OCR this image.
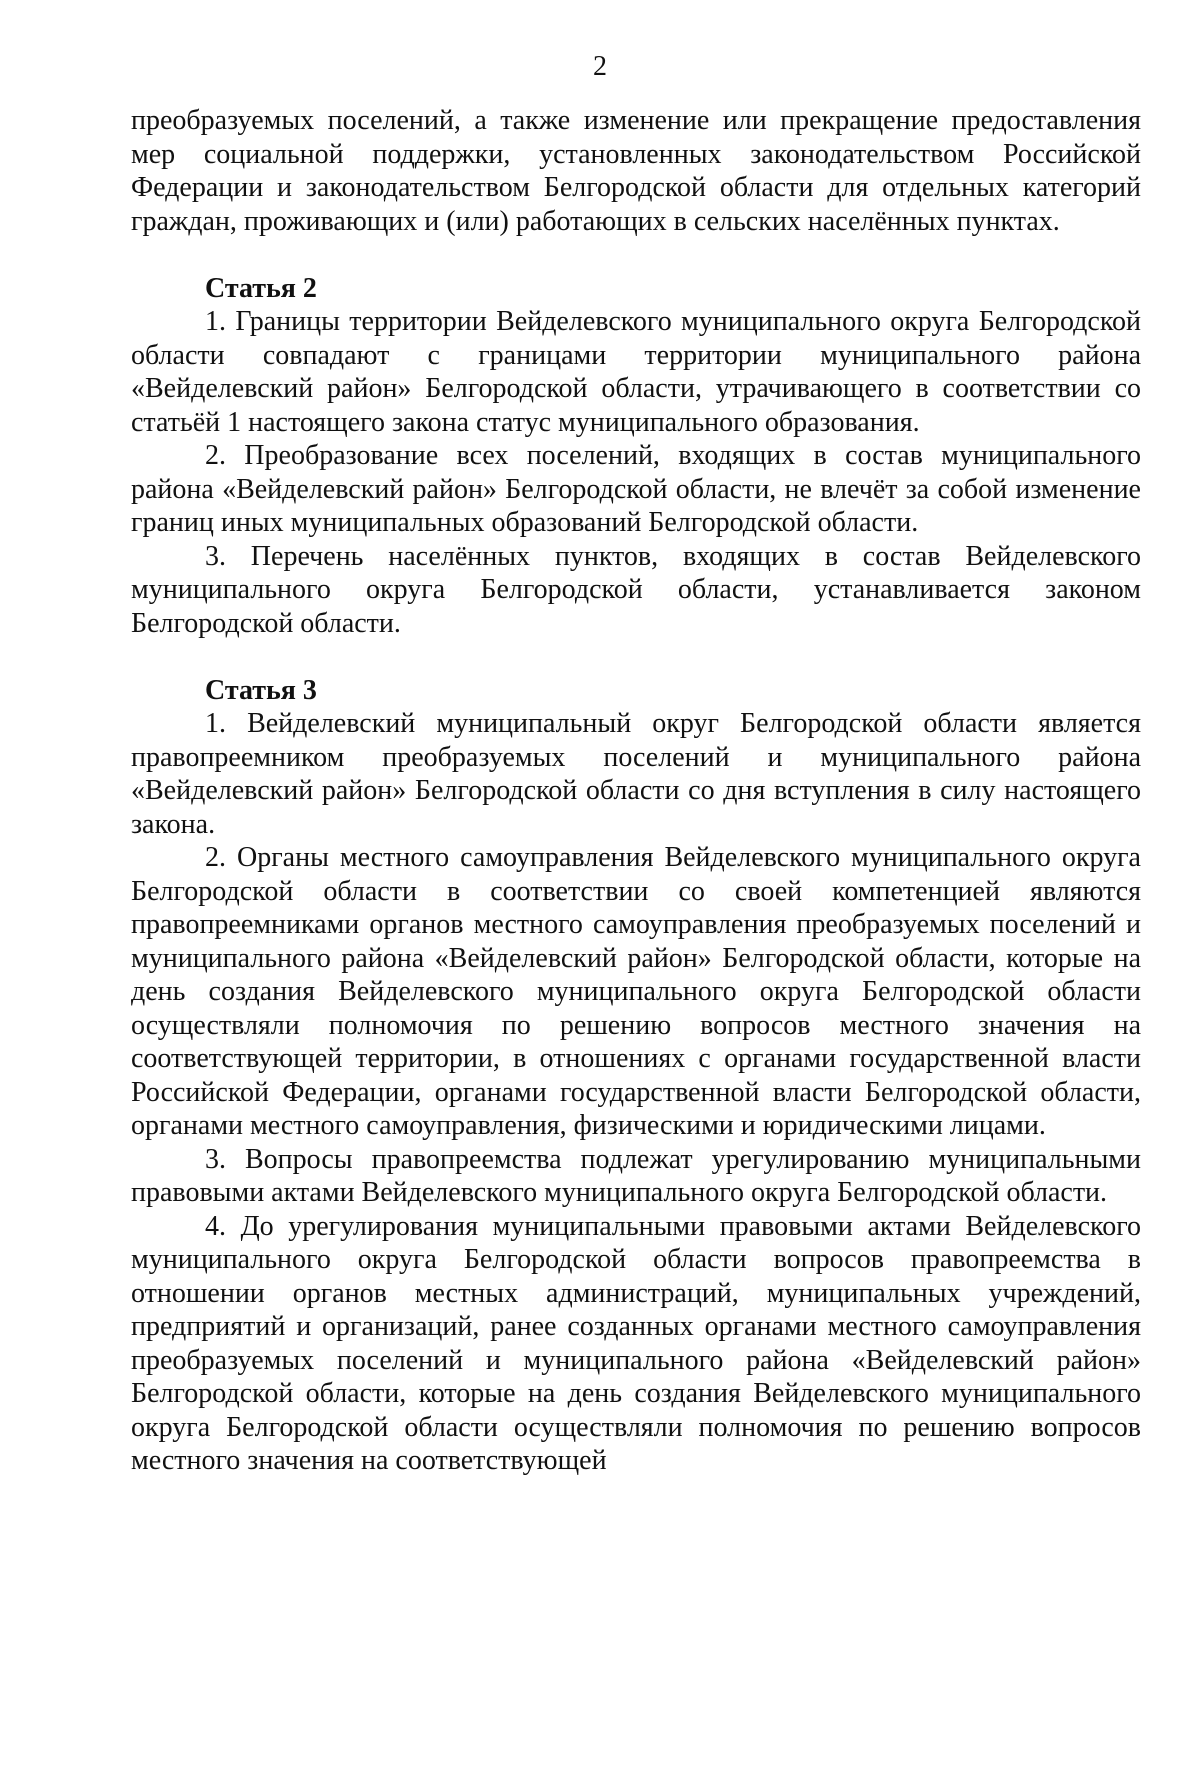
2

преобразуемых поселений, а также изменение или прекращение предоставления мер социальной поддержки, установленных законодательством Российской Федерации и законодательством Белгородской области для отдельных категорий граждан, проживающих и (или) работающих в сельских населённых пунктах.

Статья 2

1. Границы территории Вейделевского муниципального округа Белгородской области совпадают с границами территории муниципального района «Вейделевский район» Белгородской области, утрачивающего в соответствии со статьёй 1 настоящего закона статус муниципального образования.

2. Преобразование всех поселений, входящих в состав муниципального района «Вейделевский район» Белгородской области, не влечёт за собой изменение границ иных муниципальных образований Белгородской области.

3. Перечень населённых пунктов, входящих в состав Вейделевского муниципального округа Белгородской области, устанавливается законом Белгородской области.

Статья 3

1. Вейделевский муниципальный округ Белгородской области является правопреемником преобразуемых поселений и муниципального района «Вейделевский район» Белгородской области со дня вступления в силу настоящего закона.

2. Органы местного самоуправления Вейделевского муниципального округа Белгородской области в соответствии со своей компетенцией являются правопреемниками органов местного самоуправления преобразуемых поселений и муниципального района «Вейделевский район» Белгородской области, которые на день создания Вейделевского муниципального округа Белгородской области осуществляли полномочия по решению вопросов местного значения на соответствующей территории, в отношениях с органами государственной власти Российской Федерации, органами государственной власти Белгородской области, органами местного самоуправления, физическими и юридическими лицами.

3. Вопросы правопреемства подлежат урегулированию муниципальными правовыми актами Вейделевского муниципального округа Белгородской области.

4. До урегулирования муниципальными правовыми актами Вейделевского муниципального округа Белгородской области вопросов правопреемства в отношении органов местных администраций, муниципальных учреждений, предприятий и организаций, ранее созданных органами местного самоуправления преобразуемых поселений и муниципального района «Вейделевский район» Белгородской области, которые на день создания Вейделевского муниципального округа Белгородской области осуществляли полномочия по решению вопросов местного значения на соответствующей
